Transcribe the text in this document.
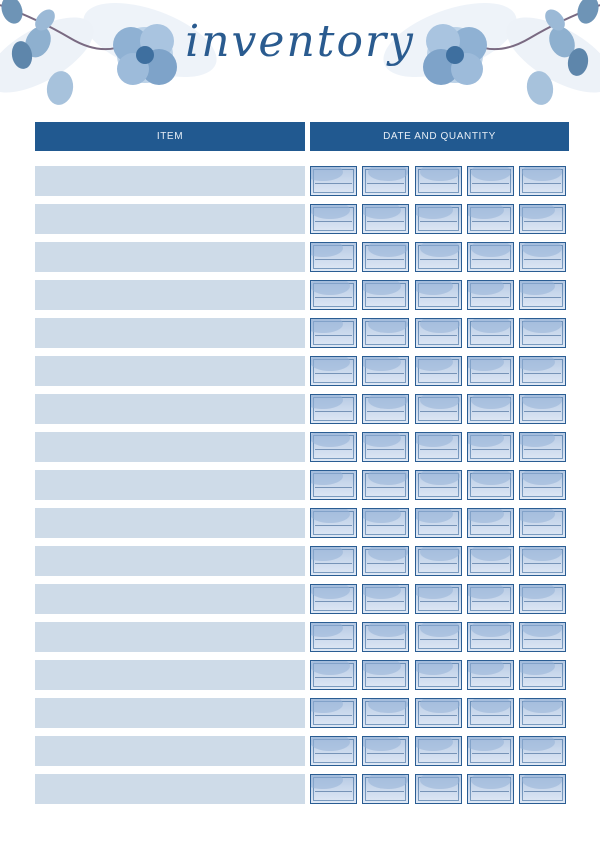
inventory
ITEM	DATE AND QUANTITY
